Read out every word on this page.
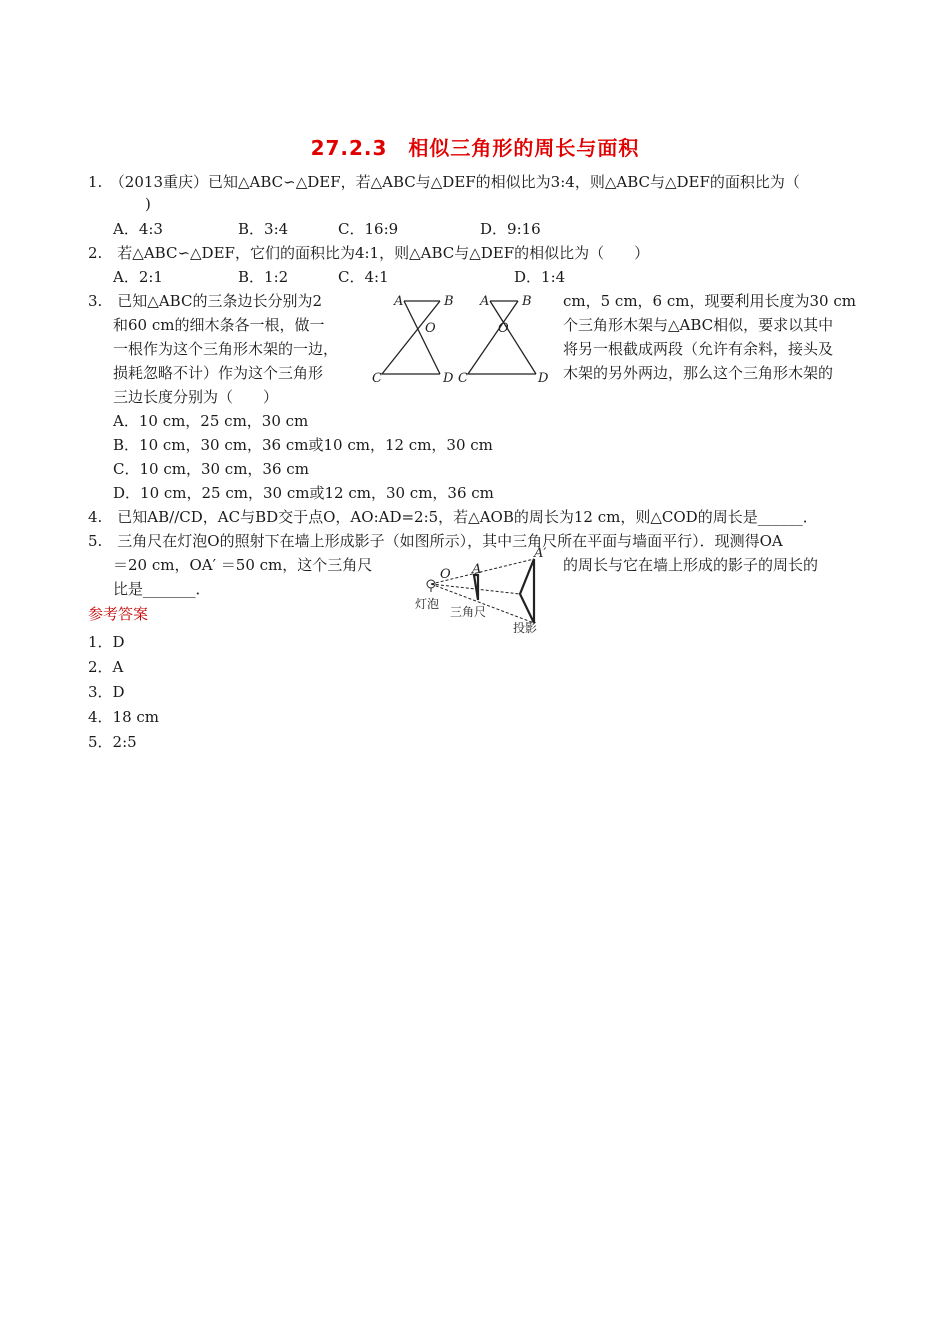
27.2.3　相似三角形的周长与面积
1.　（2013重庆）已知△ABC∽△DEF，若△ABC与△DEF的相似比为3:4，则△ABC与△DEF的面积比为（
)
A．4:3	B．3:4	C．16:9	D．9:16
2.　若△ABC∽△DEF，它们的面积比为4:1，则△ABC与△DEF的相似比为（　　）
A．2:1	B．1:2	C．4:1	D．1:4
3.　已知△ABC的三条边长分别为2
和60 cm的细木条各一根，做一
一根作为这个三角形木架的一边，
损耗忽略不计）作为这个三角形
cm，5 cm，6 cm，现要利用长度为30 cm
个三角形木架与△ABC相似，要求以其中
将另一根截成两段（允许有余料，接头及
木架的另外两边，那么这个三角形木架的
三边长度分别为（　　）
A．10 cm，25 cm，30 cm
B．10 cm，30 cm，36 cm或10 cm，12 cm，30 cm
C．10 cm，30 cm，36 cm
D．10 cm，25 cm，30 cm或12 cm，30 cm，36 cm
A	B
O
C	D
A	B
O
C	D
4.　已知AB//CD，AC与BD交于点O，AO:AD=2:5，若△AOB的周长为12 cm，则△COD的周长是______．
5.　三角尺在灯泡O的照射下在墙上形成影子（如图所示），其中三角尺所在平面与墙面平行）．现测得OA
＝20 cm，OA′ ＝50 cm，这个三角尺	的周长与它在墙上形成的影子的周长的
比是_______．
O A
A′
灯泡
三角尺
投影
参考答案
1．D
2．A
3．D
4．18 cm
5．2:5
